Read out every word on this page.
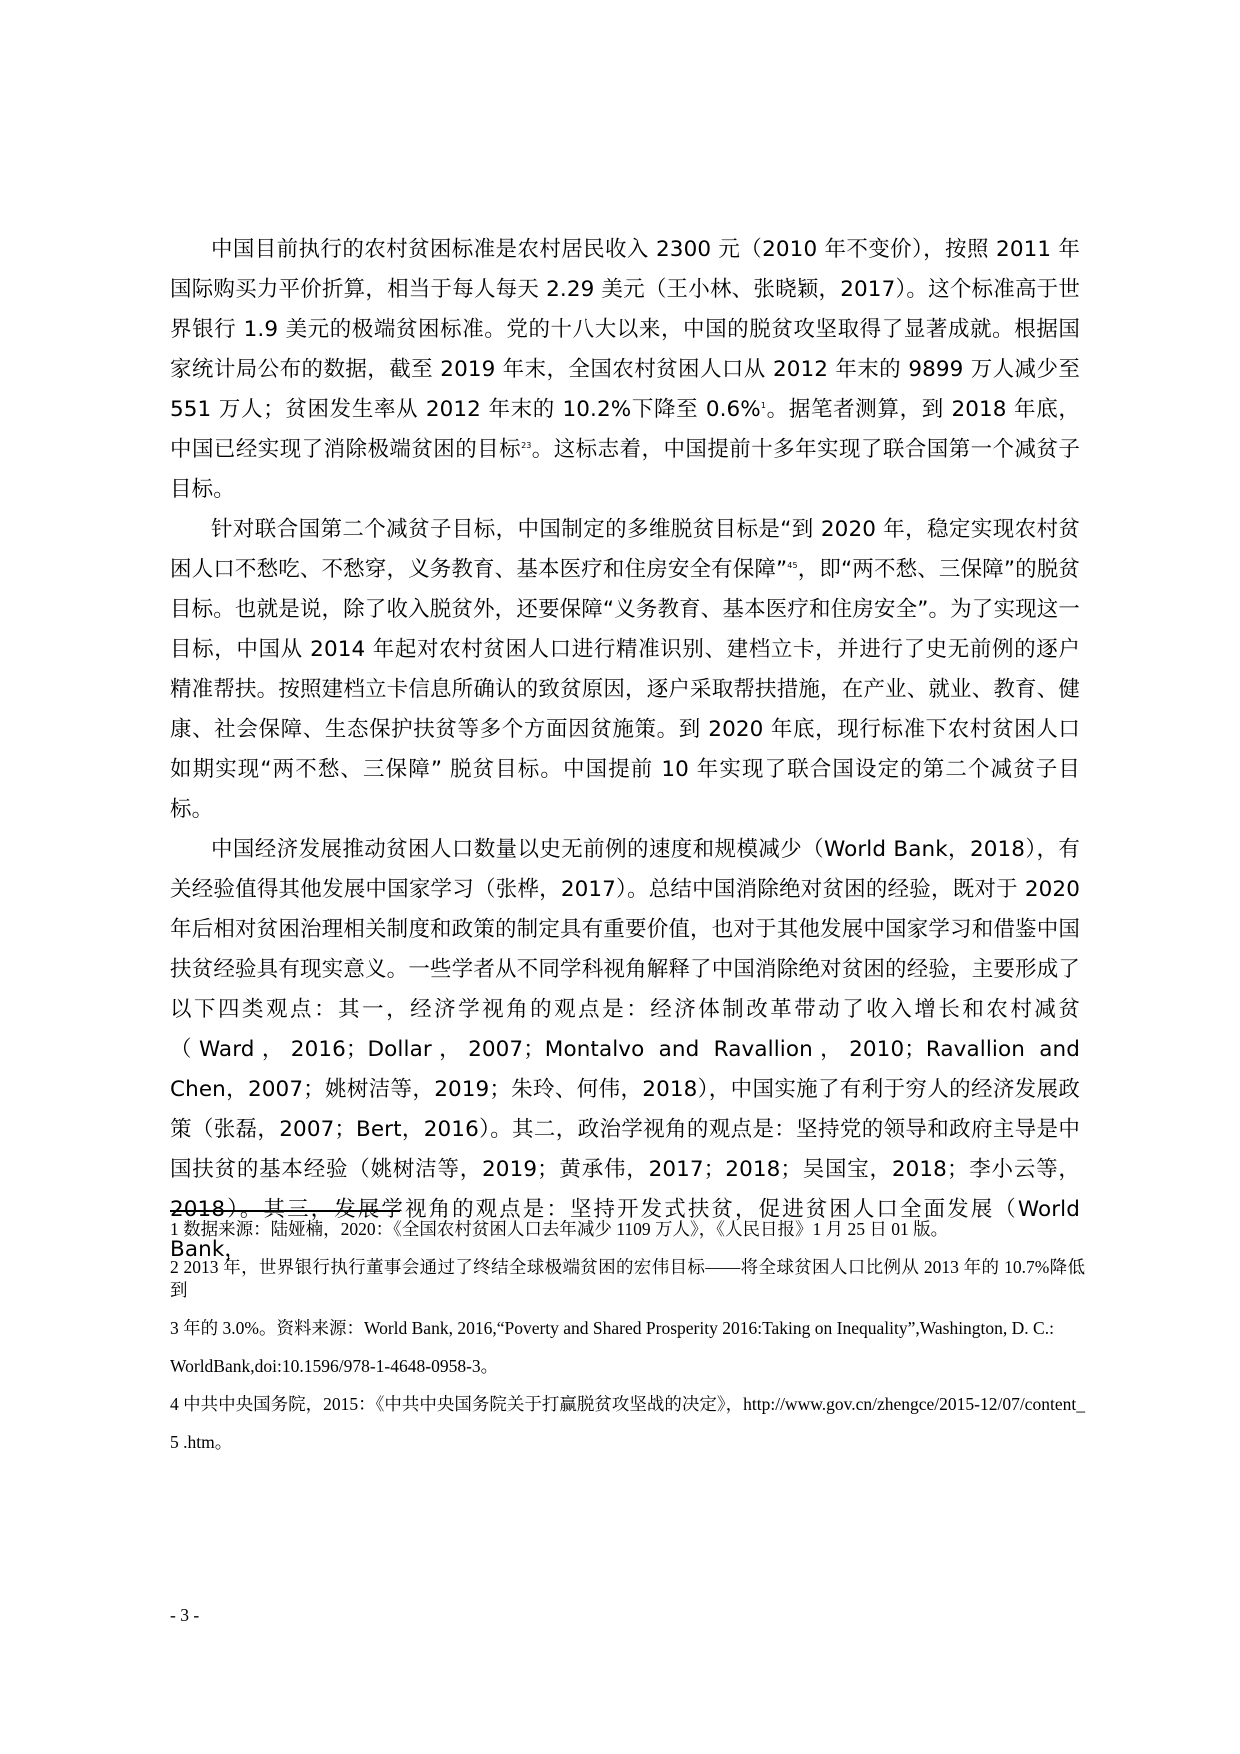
中国目前执行的农村贫困标准是农村居民收入 2300 元（2010 年不变价），按照 2011 年国际购买力平价折算，相当于每人每天 2.29 美元（王小林、张晓颖，2017）。这个标准高于世界银行 1.9 美元的极端贫困标准。党的十八大以来，中国的脱贫攻坚取得了显著成就。根据国家统计局公布的数据，截至 2019 年末，全国农村贫困人口从 2012 年末的 9899 万人减少至 551 万人；贫困发生率从 2012 年末的 10.2%下降至 0.6%$^1$。据笔者测算，到 2018 年底，中国已经实现了消除极端贫困的目标$^{23}$。这标志着，中国提前十多年实现了联合国第一个减贫子目标。

针对联合国第二个减贫子目标，中国制定的多维脱贫目标是“到 2020 年，稳定实现农村贫困人口不愁吃、不愁穿，义务教育、基本医疗和住房安全有保障”$^{45}$，即“两不愁、三保障”的脱贫目标。也就是说，除了收入脱贫外，还要保障“义务教育、基本医疗和住房安全”。为了实现这一目标，中国从 2014 年起对农村贫困人口进行精准识别、建档立卡，并进行了史无前例的逐户精准帮扶。按照建档立卡信息所确认的致贫原因，逐户采取帮扶措施，在产业、就业、教育、健康、社会保障、生态保护扶贫等多个方面因贫施策。到 2020 年底，现行标准下农村贫困人口如期实现“两不愁、三保障” 脱贫目标。中国提前 10 年实现了联合国设定的第二个减贫子目标。

中国经济发展推动贫困人口数量以史无前例的速度和规模减少（World Bank，2018），有关经验值得其他发展中国家学习（张桦，2017）。总结中国消除绝对贫困的经验，既对于 2020 年后相对贫困治理相关制度和政策的制定具有重要价值，也对于其他发展中国家学习和借鉴中国扶贫经验具有现实意义。一些学者从不同学科视角解释了中国消除绝对贫困的经验，主要形成了以下四类观点：其一，经济学视角的观点是：经济体制改革带动了收入增长和农村减贫（Ward，2016；Dollar，2007；Montalvo and Ravallion，2010；Ravallion and Chen，2007；姚树洁等，2019；朱玲、何伟，2018），中国实施了有利于穷人的经济发展政策（张磊，2007；Bert，2016）。其二，政治学视角的观点是：坚持党的领导和政府主导是中国扶贫的基本经验（姚树洁等，2019；黄承伟，2017；2018；吴国宝，2018；李小云等，2018）。其三，发展学视角的观点是：坚持开发式扶贫，促进贫困人口全面发展（World Bank，

1 数据来源：陆娅楠，2020：《全国农村贫困人口去年减少 1109 万人》，《人民日报》1 月 25 日 01 版。

2 2013 年，世界银行执行董事会通过了终结全球极端贫困的宏伟目标——将全球贫困人口比例从 2013 年的 10.7%降低到

3 年的 3.0%。资料来源：World Bank, 2016,“Poverty and Shared Prosperity 2016:Taking on Inequality”,Washington, D. C.:

WorldBank,doi:10.1596/978-1-4648-0958-3。

4 中共中央国务院，2015：《中共中央国务院关于打赢脱贫攻坚战的决定》，http://www.gov.cn/zhengce/2015-12/07/content_

5 .htm。

- 3 -
